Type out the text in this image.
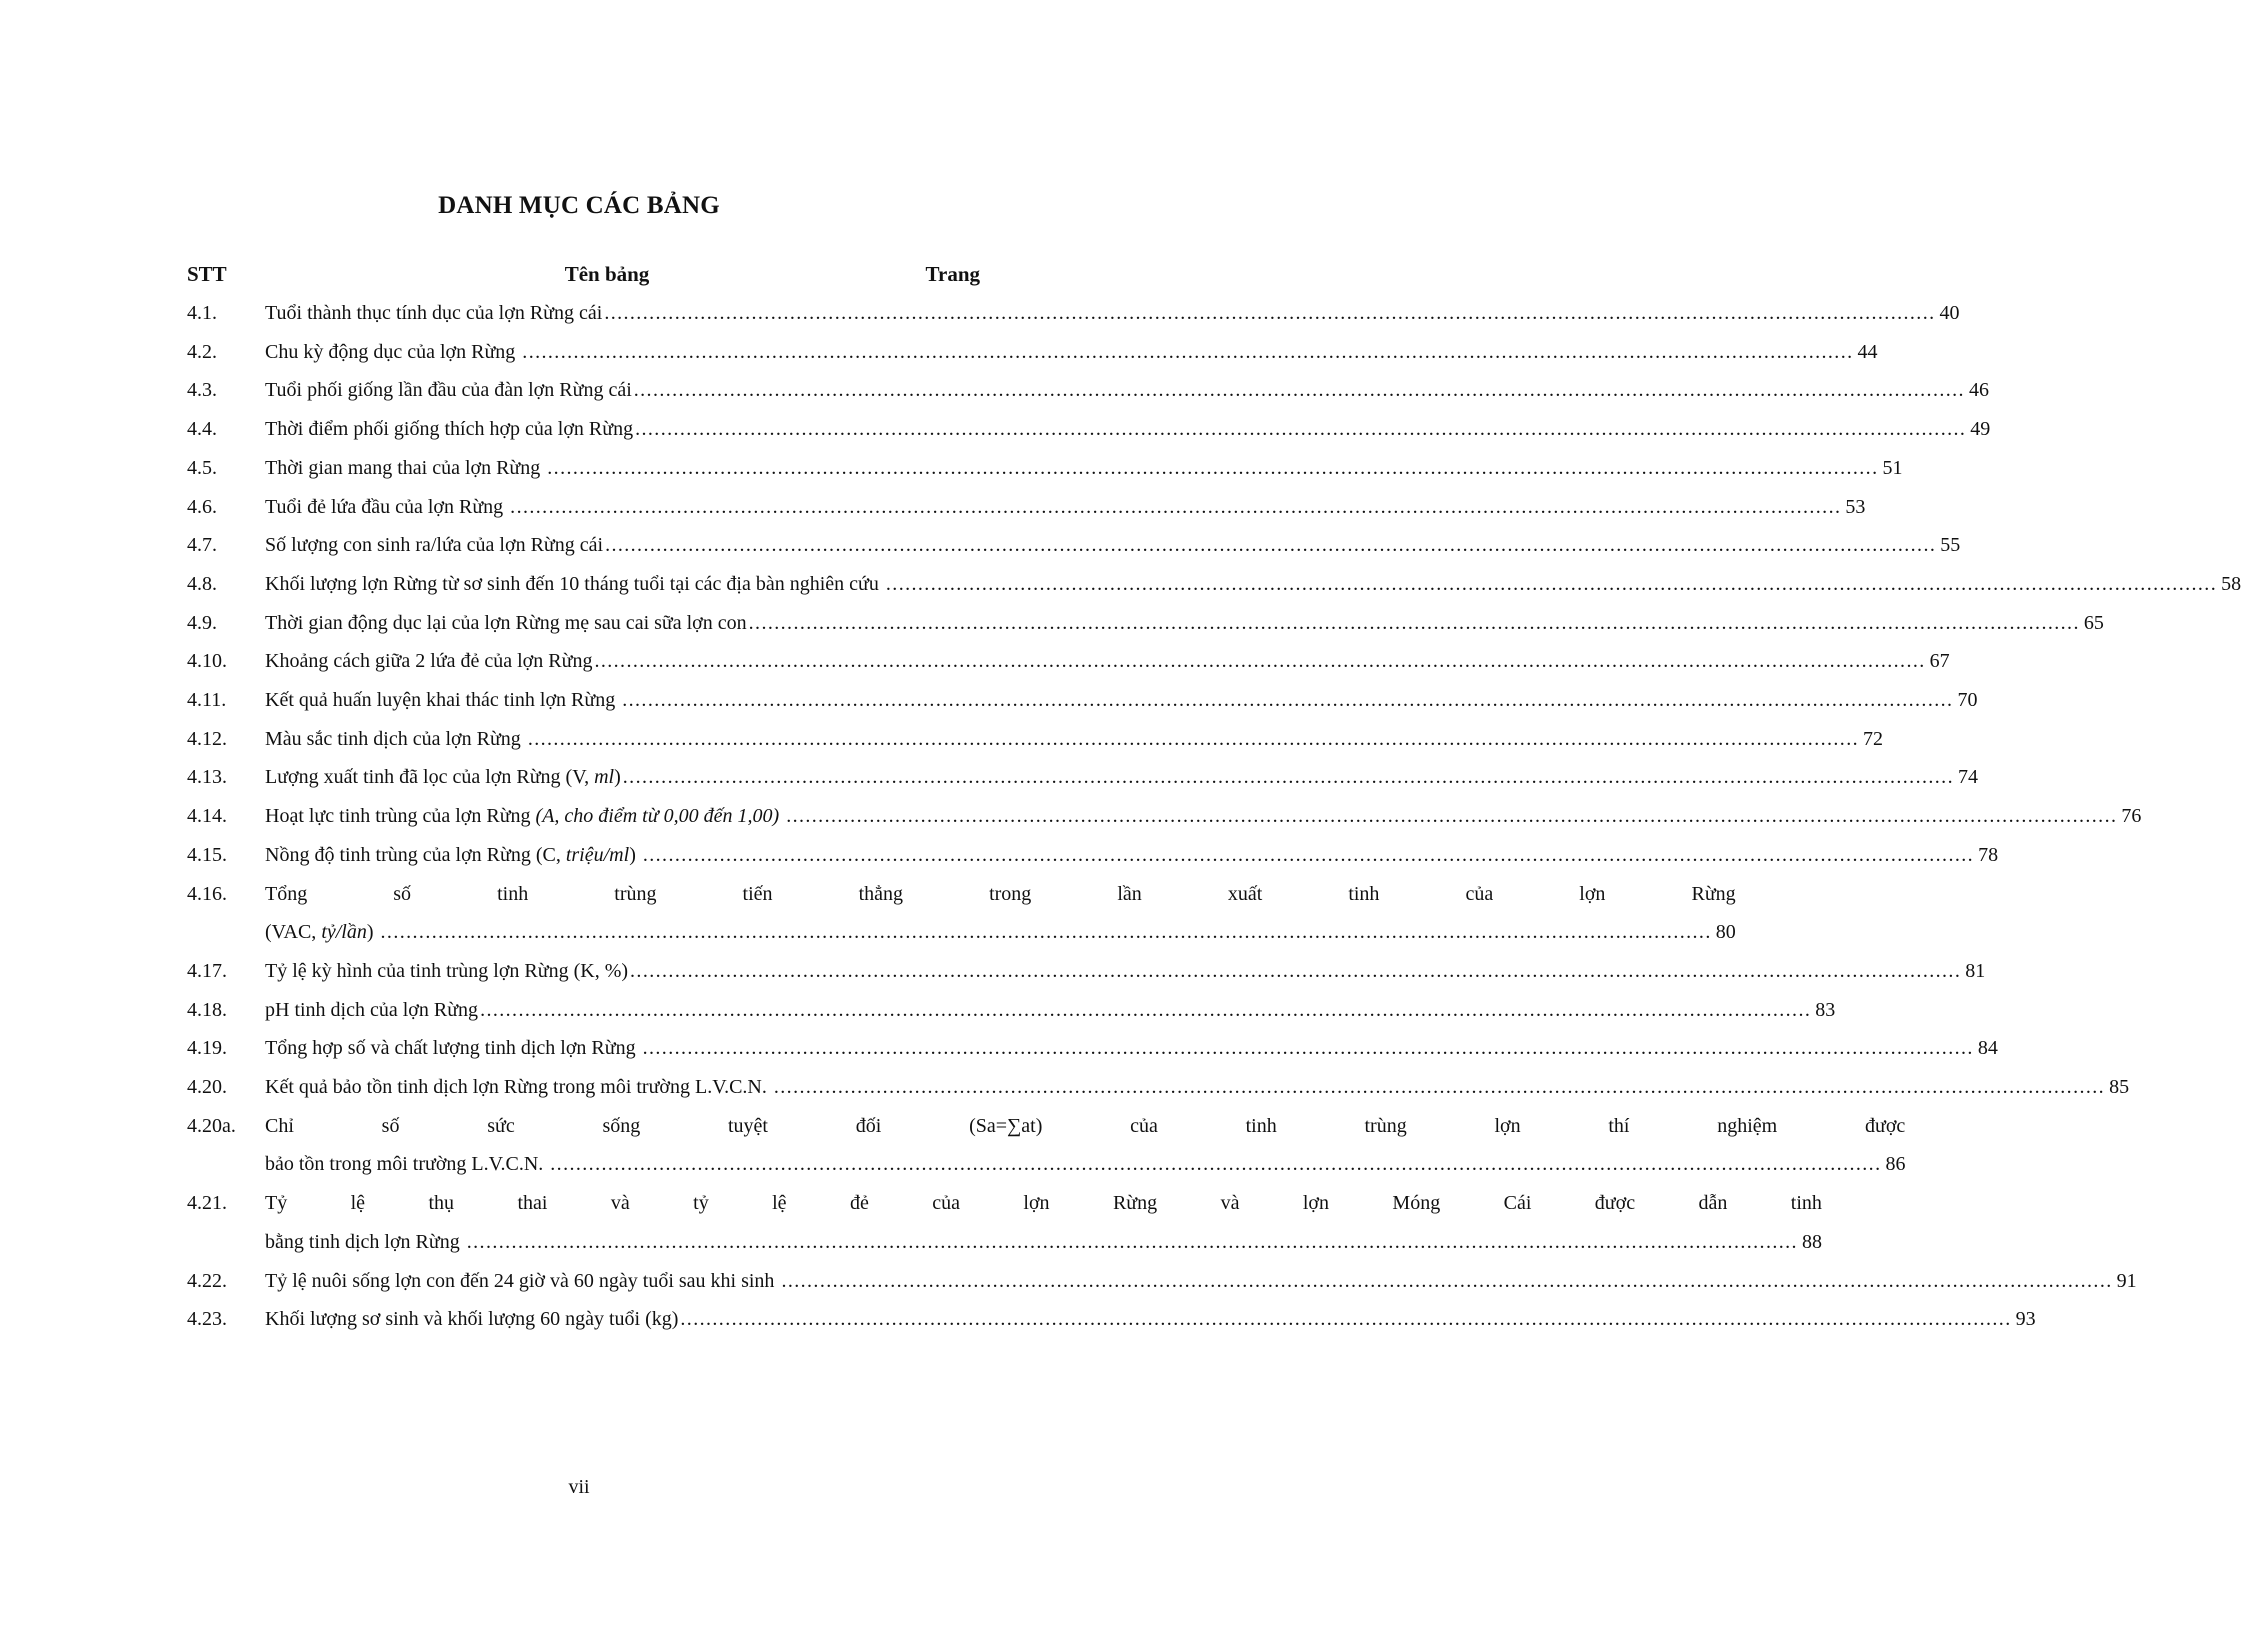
DANH MỤC CÁC BẢNG
STT	Tên bảng	Trang
4.1.	Tuổi thành thục tính dục của lợn Rừng cái
.....	40
4.2.	Chu kỳ động dục của lợn Rừng
.....	44
4.3.	Tuổi phối giống lần đầu của đàn lợn Rừng cái
.....	46
4.4.	Thời điểm phối giống thích hợp của lợn Rừng
.....	49
4.5.	Thời gian mang thai của lợn Rừng
.....	51
4.6.	Tuổi đẻ lứa đầu của lợn Rừng
.....	53
4.7.	Số lượng con sinh ra/lứa của lợn Rừng cái
.....	55
4.8.	Khối lượng lợn Rừng từ sơ sinh đến 10 tháng tuổi tại các địa bàn nghiên cứu
.....	58
4.9.	Thời gian động dục lại của lợn Rừng mẹ sau cai sữa lợn con
.....	65
4.10.	Khoảng cách giữa 2 lứa đẻ của lợn Rừng
.....	67
4.11.	Kết quả huấn luyện khai thác tinh lợn Rừng
.....	70
4.12.	Màu sắc tinh dịch của lợn Rừng
.....	72
4.13.	Lượng xuất tinh đã lọc của lợn Rừng (V, ml)
.....	74
4.14.	Hoạt lực tinh trùng của lợn Rừng (A, cho điểm từ 0,00 đến 1,00)
.....	76
4.15.	Nồng độ tinh trùng của lợn Rừng (C, triệu/ml)
.....	78
4.16.	Tổng	số	tinh	trùng	tiến	thẳng	trong	lần	xuất	tinh	của	lợn	Rừng
(VAC, tỷ/lần)
.....	80
4.17.	Tỷ lệ kỳ hình của tinh trùng lợn Rừng (K, %)
.....	81
4.18.	pH tinh dịch của lợn Rừng
.....	83
4.19.	Tổng hợp số và chất lượng tinh dịch lợn Rừng
.....	84
4.20.	Kết quả bảo tồn tinh dịch lợn Rừng trong môi trường L.V.C.N.
.....	85
4.20a.	Chỉ	số	sức	sống	tuyệt	đối	(Sa=∑at)	của	tinh	trùng	lợn	thí	nghiệm	được
bảo tồn trong môi trường L.V.C.N.
.....	86
4.21.	Tỷ	lệ	thụ	thai	và	tỷ	lệ	đẻ	của	lợn	Rừng	và	lợn	Móng	Cái	được	dẫn	tinh
bằng tinh dịch lợn Rừng
.....	88
4.22.	Tỷ lệ nuôi sống lợn con đến 24 giờ và 60 ngày tuổi sau khi sinh
.....	91
4.23.	Khối lượng sơ sinh và khối lượng 60 ngày tuổi (kg)
.....	93
vii
